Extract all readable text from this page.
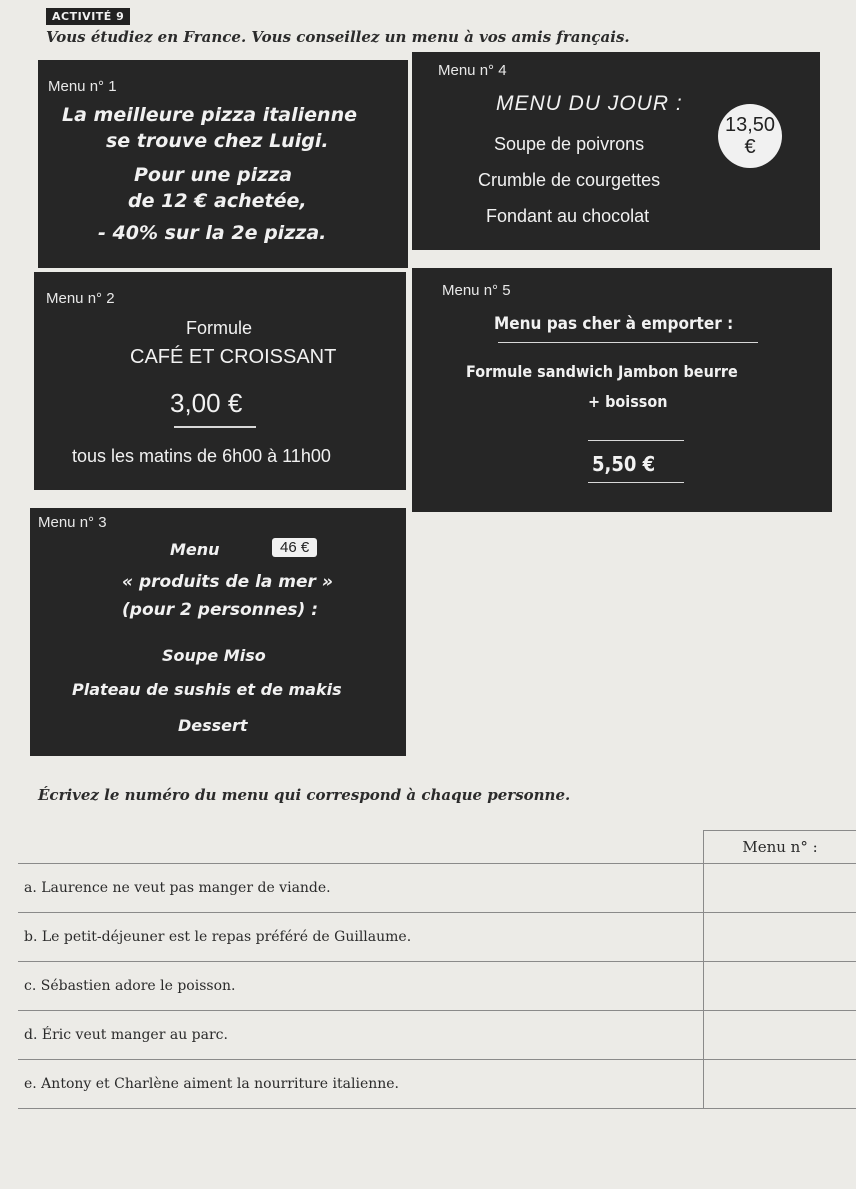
ACTIVITÉ 9
Vous étudiez en France. Vous conseillez un menu à vos amis français.
Menu n° 1
La meilleure pizza italienne
se trouve chez Luigi.
Pour une pizza
de 12 € achetée,
- 40% sur la 2e pizza.
Menu n° 4
MENU DU JOUR :
13,50
€
Soupe de poivrons
Crumble de courgettes
Fondant au chocolat
Menu n° 2
Formule
CAFÉ ET CROISSANT
3,00 €
tous les matins de 6h00 à 11h00
Menu n° 5
Menu pas cher à emporter :
Formule sandwich Jambon beurre
+ boisson
5,50 €
Menu n° 3
Menu	46 €
« produits de la mer »
(pour 2 personnes) :
Soupe Miso
Plateau de sushis et de makis
Dessert
Écrivez le numéro du menu qui correspond à chaque personne.
	Menu n° :
a. Laurence ne veut pas manger de viande.	
b. Le petit-déjeuner est le repas préféré de Guillaume.	
c. Sébastien adore le poisson.	
d. Éric veut manger au parc.	
e. Antony et Charlène aiment la nourriture italienne.	
